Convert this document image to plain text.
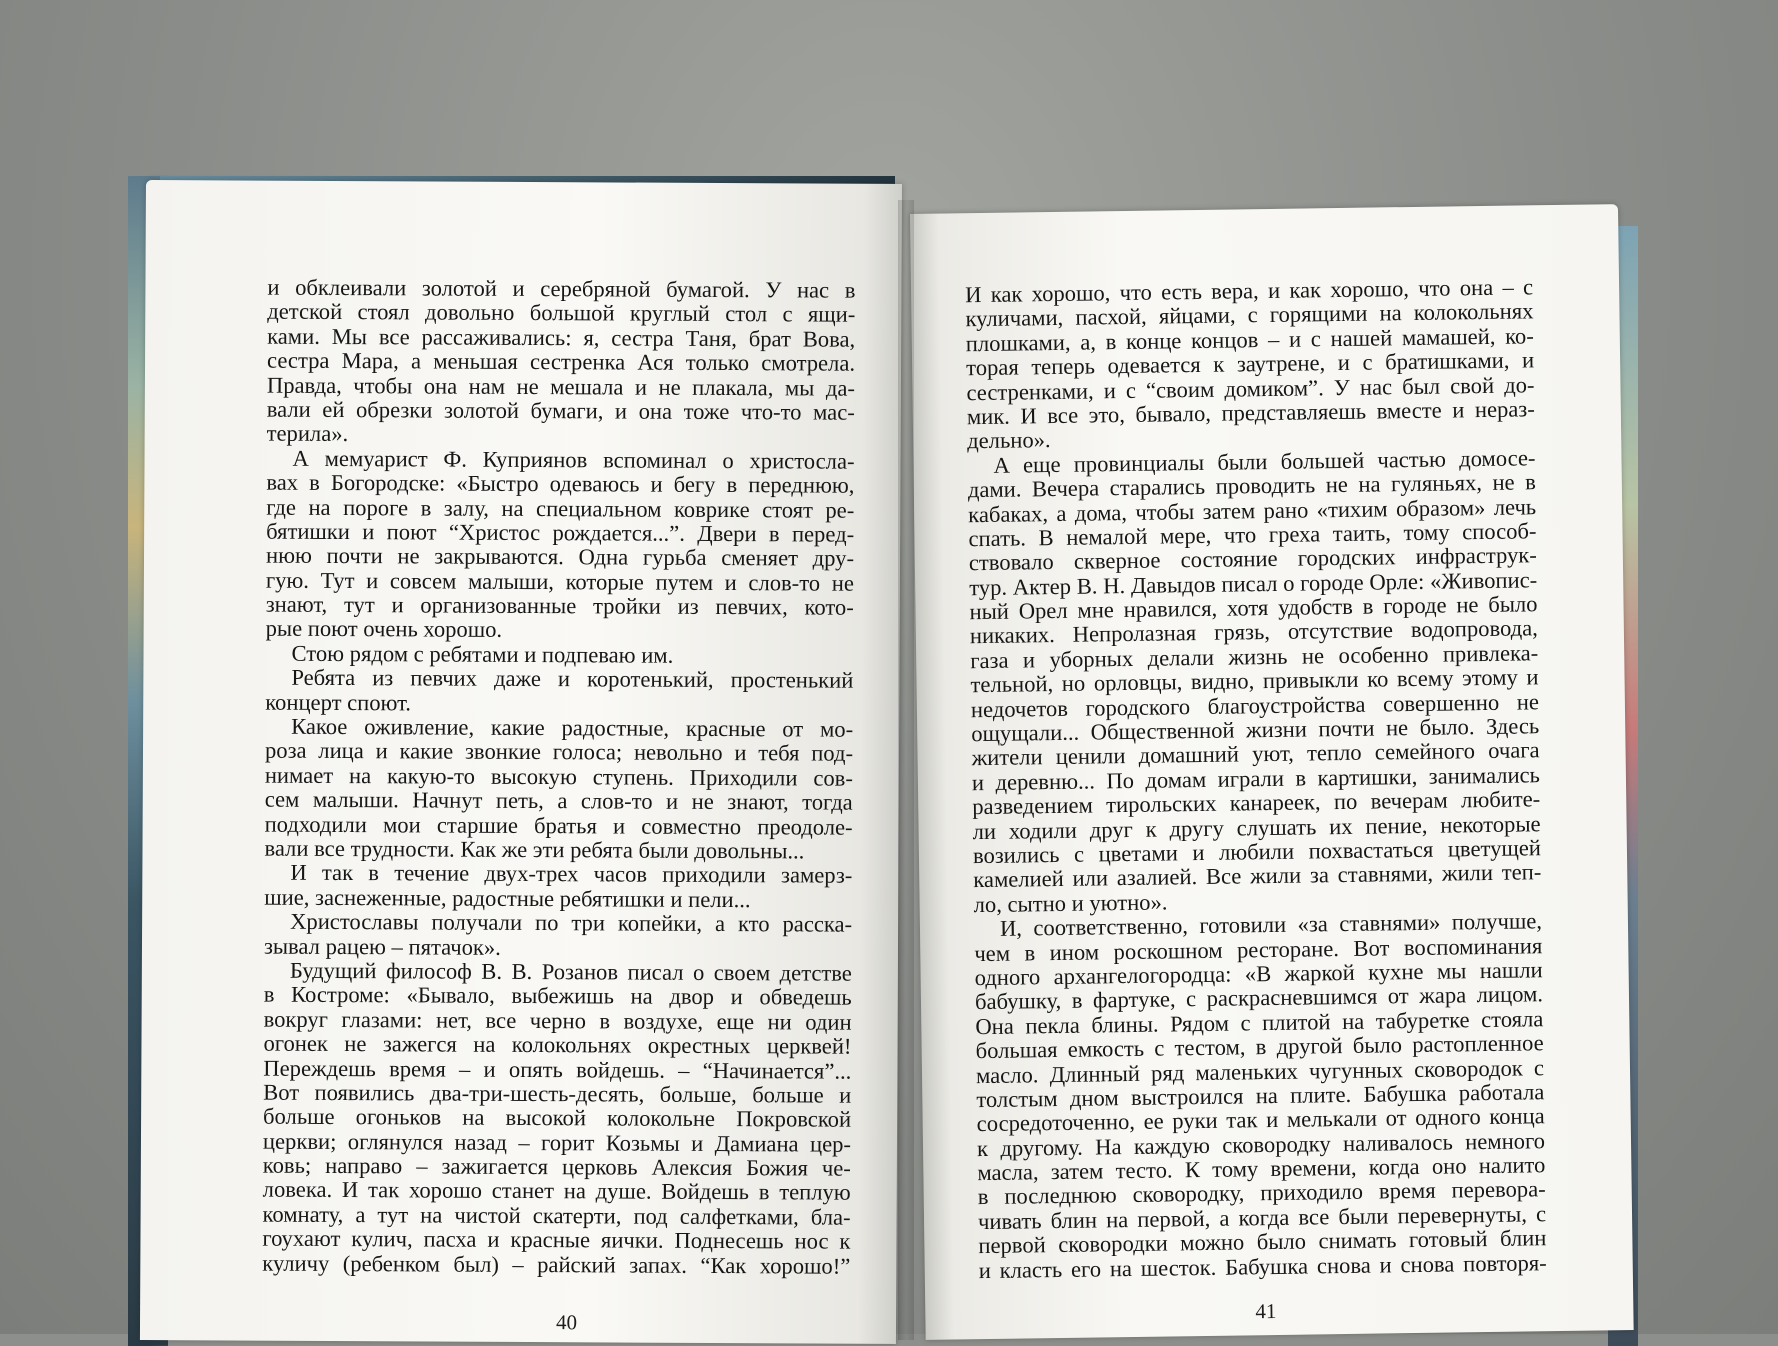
и обклеивали золотой и серебряной бумагой. У нас в
детской стоял довольно большой круглый стол с ящи-
ками. Мы все рассаживались: я, сестра Таня, брат Вова,
сестра Мара, а меньшая сестренка Ася только смотрела.
Правда, чтобы она нам не мешала и не плакала, мы да-
вали ей обрезки золотой бумаги, и она тоже что-то мас-
терила».
А мемуарист Ф. Куприянов вспоминал о христосла-
вах в Богородске: «Быстро одеваюсь и бегу в переднюю,
где на пороге в залу, на специальном коврике стоят ре-
бятишки и поют “Христос рождается...”. Двери в перед-
нюю почти не закрываются. Одна гурьба сменяет дру-
гую. Тут и совсем малыши, которые путем и слов-то не
знают, тут и организованные тройки из певчих, кото-
рые поют очень хорошо.
Стою рядом с ребятами и подпеваю им.
Ребята из певчих даже и коротенький, простенький
концерт споют.
Какое оживление, какие радостные, красные от мо-
роза лица и какие звонкие голоса; невольно и тебя под-
нимает на какую-то высокую ступень. Приходили сов-
сем малыши. Начнут петь, а слов-то и не знают, тогда
подходили мои старшие братья и совместно преодоле-
вали все трудности. Как же эти ребята были довольны...
И так в течение двух-трех часов приходили замерз-
шие, заснеженные, радостные ребятишки и пели...
Христославы получали по три копейки, а кто расска-
зывал рацею – пятачок».
Будущий философ В. В. Розанов писал о своем детстве
в Костроме: «Бывало, выбежишь на двор и обведешь
вокруг глазами: нет, все черно в воздухе, еще ни один
огонек не зажегся на колокольнях окрестных церквей!
Переждешь время – и опять войдешь. – “Начинается”...
Вот появились два-три-шесть-десять, больше, больше и
больше огоньков на высокой колокольне Покровской
церкви; оглянулся назад – горит Козьмы и Дамиана цер-
ковь; направо – зажигается церковь Алексия Божия че-
ловека. И так хорошо станет на душе. Войдешь в теплую
комнату, а тут на чистой скатерти, под салфетками, бла-
гоухают кулич, пасха и красные яички. Поднесешь нос к
куличу (ребенком был) – райский запах. “Как хорошо!”
40
И как хорошо, что есть вера, и как хорошо, что она – с
куличами, пасхой, яйцами, с горящими на колокольнях
плошками, а, в конце концов – и с нашей мамашей, ко-
торая теперь одевается к заутрене, и с братишками, и
сестренками, и с “своим домиком”. У нас был свой до-
мик. И все это, бывало, представляешь вместе и нераз-
дельно».
А еще провинциалы были большей частью домосе-
дами. Вечера старались проводить не на гуляньях, не в
кабаках, а дома, чтобы затем рано «тихим образом» лечь
спать. В немалой мере, что греха таить, тому способ-
ствовало скверное состояние городских инфраструк-
тур. Актер В. Н. Давыдов писал о городе Орле: «Живопис-
ный Орел мне нравился, хотя удобств в городе не было
никаких. Непролазная грязь, отсутствие водопровода,
газа и уборных делали жизнь не особенно привлека-
тельной, но орловцы, видно, привыкли ко всему этому и
недочетов городского благоустройства совершенно не
ощущали... Общественной жизни почти не было. Здесь
жители ценили домашний уют, тепло семейного очага
и деревню... По домам играли в картишки, занимались
разведением тирольских канареек, по вечерам любите-
ли ходили друг к другу слушать их пение, некоторые
возились с цветами и любили похвастаться цветущей
камелией или азалией. Все жили за ставнями, жили теп-
ло, сытно и уютно».
И, соответственно, готовили «за ставнями» получше,
чем в ином роскошном ресторане. Вот воспоминания
одного архангелогородца: «В жаркой кухне мы нашли
бабушку, в фартуке, с раскрасневшимся от жара лицом.
Она пекла блины. Рядом с плитой на табуретке стояла
большая емкость с тестом, в другой было растопленное
масло. Длинный ряд маленьких чугунных сковородок с
толстым дном выстроился на плите. Бабушка работала
сосредоточенно, ее руки так и мелькали от одного конца
к другому. На каждую сковородку наливалось немного
масла, затем тесто. К тому времени, когда оно налито
в последнюю сковородку, приходило время перевора-
чивать блин на первой, а когда все были перевернуты, с
первой сковородки можно было снимать готовый блин
и класть его на шесток. Бабушка снова и снова повторя-
41
